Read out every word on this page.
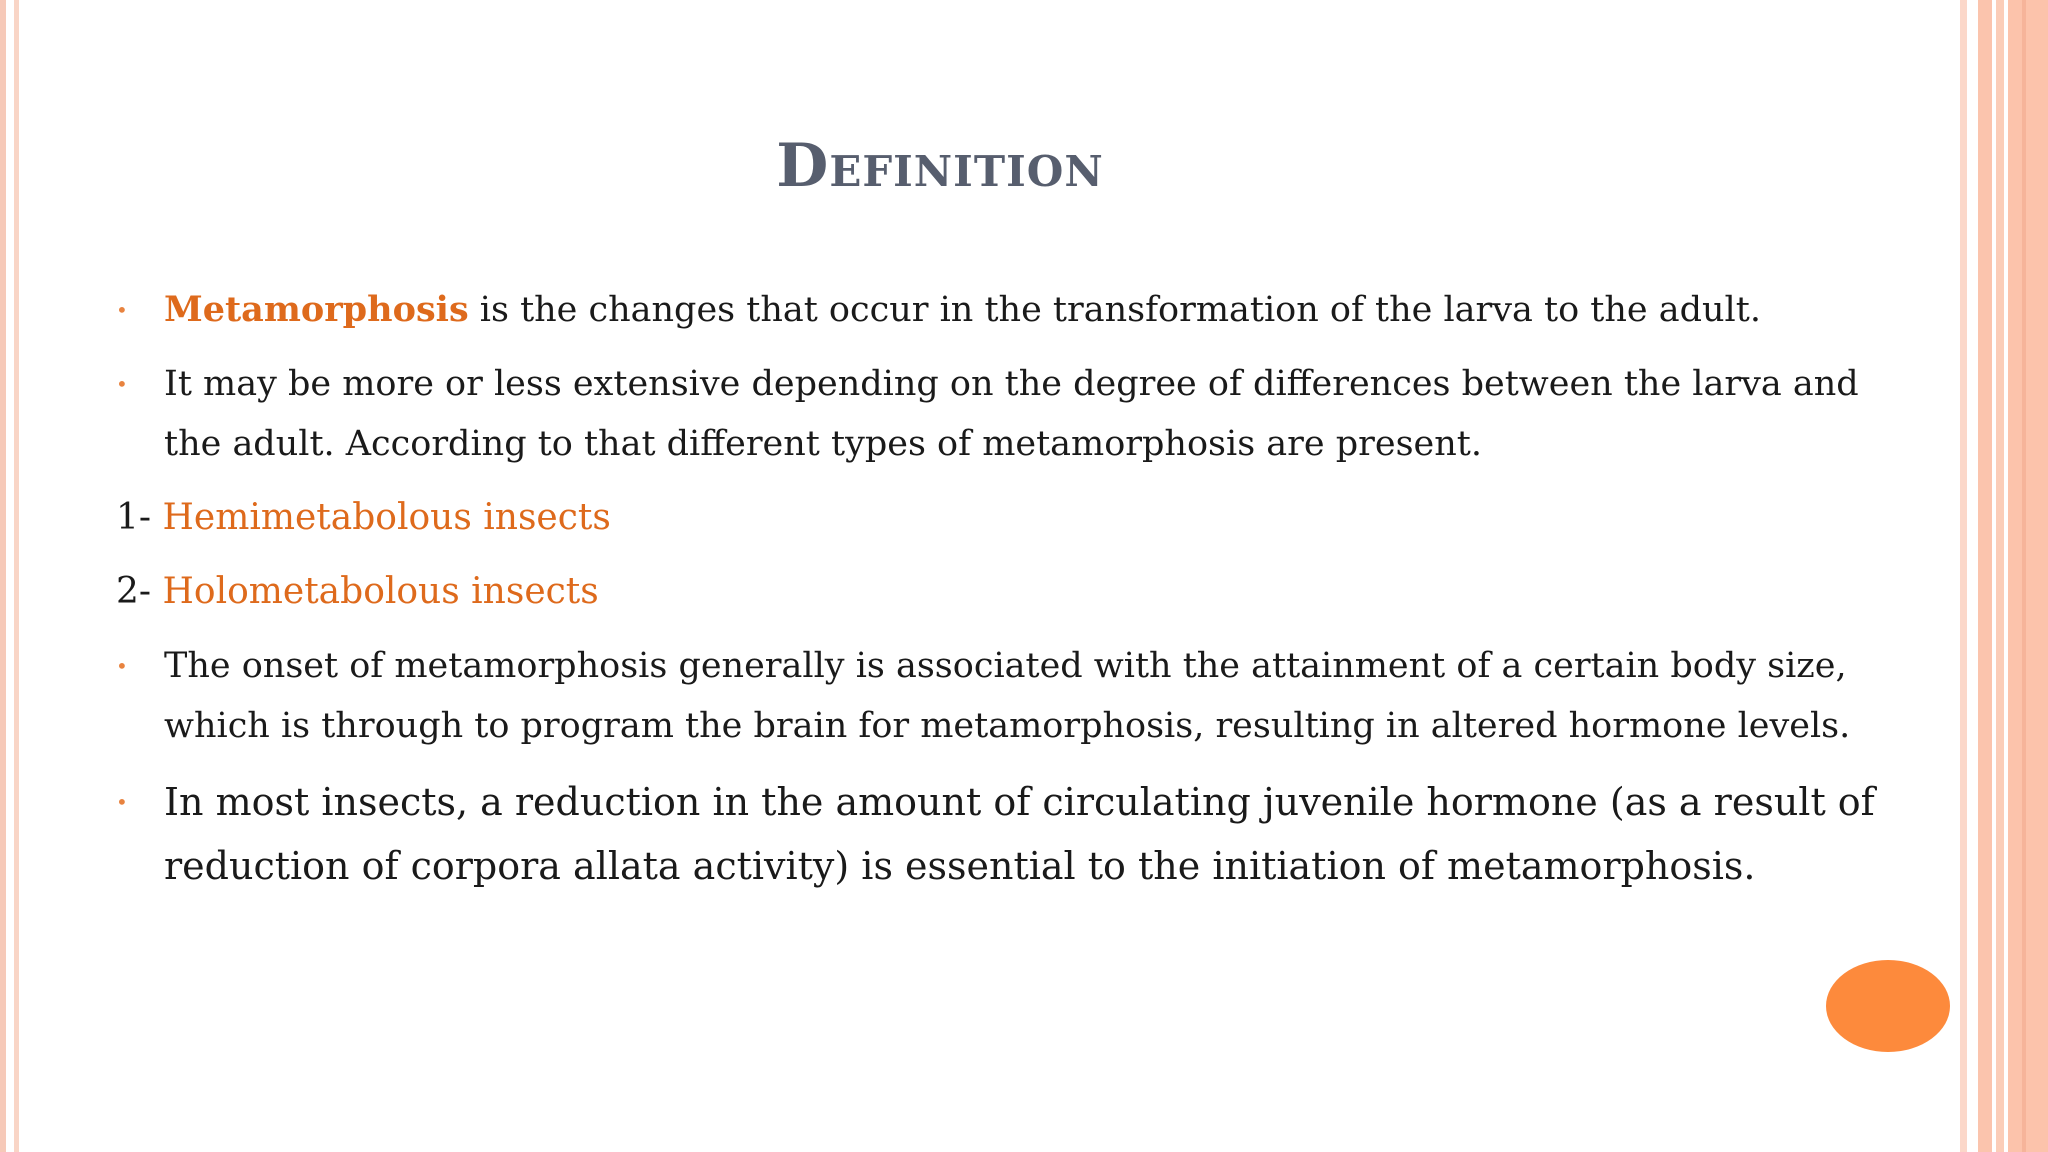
Definition
• Metamorphosis is the changes that occur in the transformation of the larva to the adult.
• It may be more or less extensive depending on the degree of differences between the larva and the adult. According to that different types of metamorphosis are present.
1- Hemimetabolous insects
2- Holometabolous insects
• The onset of metamorphosis generally is associated with the attainment of a certain body size, which is through to program the brain for metamorphosis, resulting in altered hormone levels.
• In most insects, a reduction in the amount of circulating juvenile hormone (as a result of reduction of corpora allata activity) is essential to the initiation of metamorphosis.
